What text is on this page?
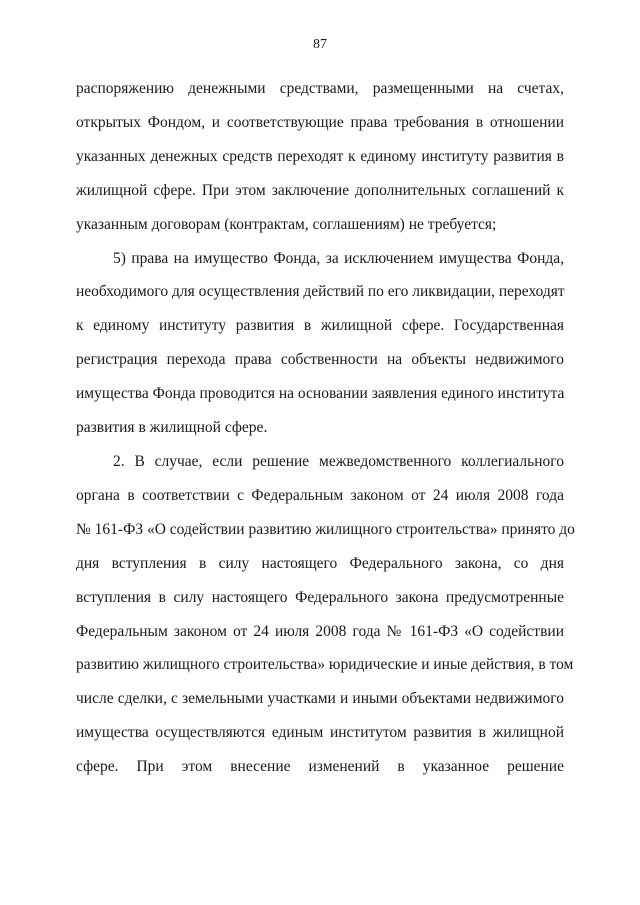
87
распоряжению денежными средствами, размещенными на счетах,
открытых Фондом, и соответствующие права требования в отношении
указанных денежных средств переходят к единому институту развития в
жилищной сфере. При этом заключение дополнительных соглашений к
указанным договорам (контрактам, соглашениям) не требуется;
5) права на имущество Фонда, за исключением имущества Фонда,
необходимого для осуществления действий по его ликвидации, переходят
к единому институту развития в жилищной сфере. Государственная
регистрация перехода права собственности на объекты недвижимого
имущества Фонда проводится на основании заявления единого института
развития в жилищной сфере.
2. В случае, если решение межведомственного коллегиального
органа в соответствии с Федеральным законом от 24 июля 2008 года
№ 161-ФЗ «О содействии развитию жилищного строительства» принято до
дня вступления в силу настоящего Федерального закона, со дня
вступления в силу настоящего Федерального закона предусмотренные
Федеральным законом от 24 июля 2008 года № 161-ФЗ «О содействии
развитию жилищного строительства» юридические и иные действия, в том
числе сделки, с земельными участками и иными объектами недвижимого
имущества осуществляются единым институтом развития в жилищной
сфере. При этом внесение изменений в указанное решение
